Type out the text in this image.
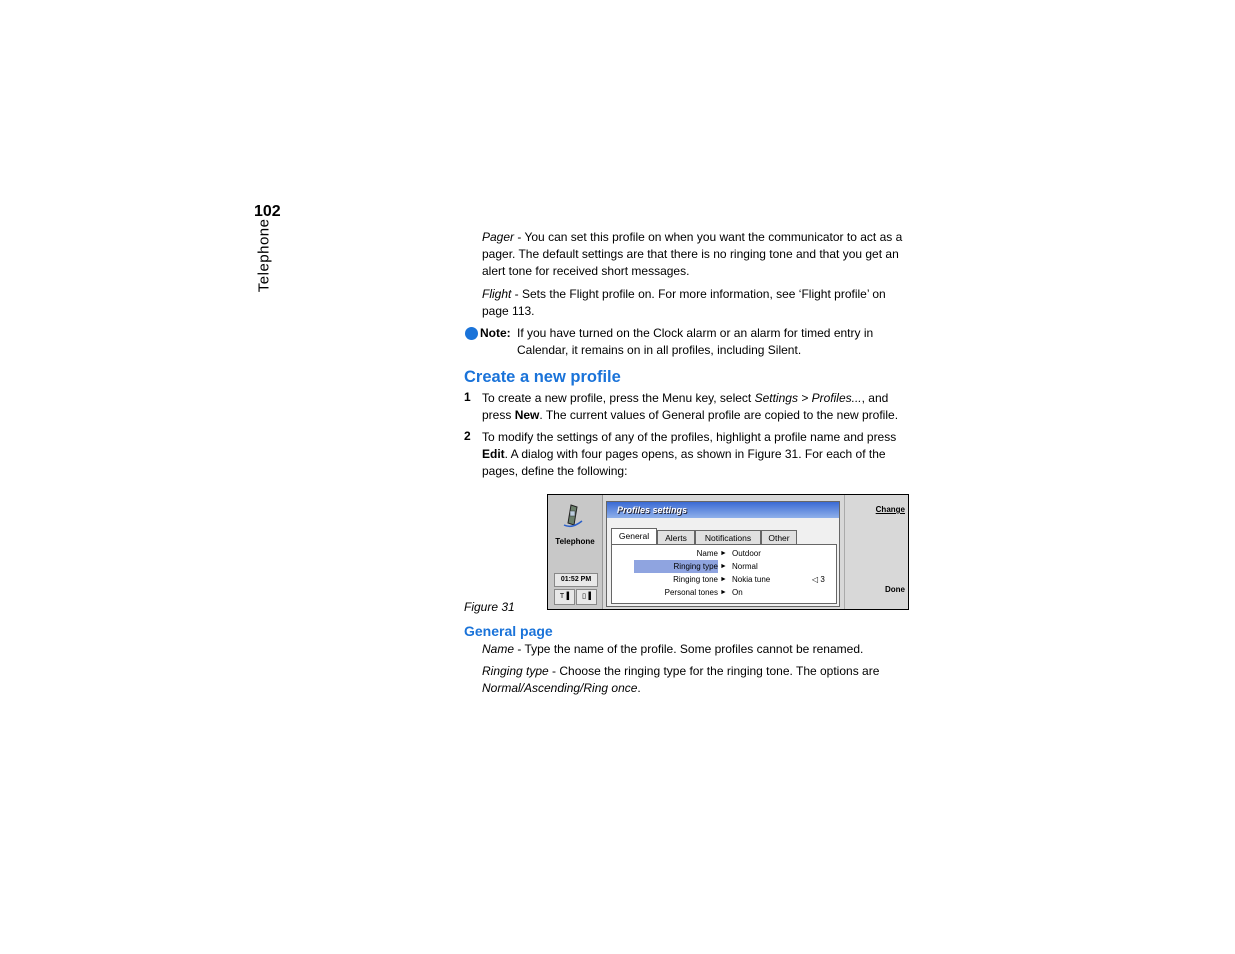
102
Telephone	Pager - You can set this profile on when you want the communicator to act as a pager. The default settings are that there is no ringing tone and that you get an alert tone for received short messages.
Flight - Sets the Flight profile on. For more information, see ‘Flight profile’ on page 113.
Note: If you have turned on the Clock alarm or an alarm for timed entry in Calendar, it remains on in all profiles, including Silent.
Create a new profile
1 To create a new profile, press the Menu key, select Settings > Profiles..., and press New. The current values of General profile are copied to the new profile.
2 To modify the settings of any of the profiles, highlight a profile name and press Edit. A dialog with four pages opens, as shown in Figure 31. For each of the pages, define the following:
Telephone
01:52 PM
T▐	▯▐
Profiles settings
General	Alerts	Notifications	Other
Name ► Outdoor
Ringing type ► Normal
Ringing tone ► Nokia tune	◁ 3
Personal tones ► On
Change
Done
Figure 31
General page
Name - Type the name of the profile. Some profiles cannot be renamed.
Ringing type - Choose the ringing type for the ringing tone. The options are Normal/Ascending/Ring once.
